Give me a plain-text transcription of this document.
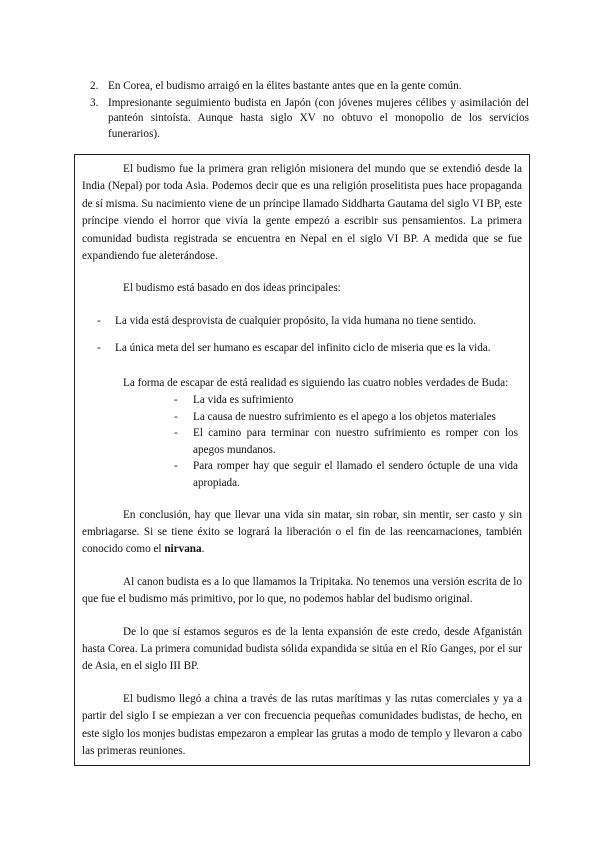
2. En Corea, el budismo arraigó en la élites bastante antes que en la gente común.
3. Impresionante seguimiento budista en Japón (con jóvenes mujeres célibes y asimilación del panteón sintoísta. Aunque hasta siglo XV no obtuvo el monopolio de los servicios funerarios).

El budismo fue la primera gran religión misionera del mundo que se extendió desde la India (Nepal) por toda Asia. Podemos decir que es una religión proselitista pues hace propaganda de sí misma. Su nacimiento viene de un príncipe llamado Siddharta Gautama del siglo VI BP, este príncipe viendo el horror que vivía la gente empezó a escribir sus pensamientos. La primera comunidad budista registrada se encuentra en Nepal en el siglo VI BP. A medida que se fue expandiendo fue aleterándose.

El budismo está basado en dos ideas principales:

-	La vida está desprovista de cualquier propósito, la vida humana no tiene sentido.
-	La única meta del ser humano es escapar del infinito ciclo de miseria que es la vida.

La forma de escapar de está realidad es siguiendo las cuatro nobles verdades de Buda:

-	La vida es sufrimiento
-	La causa de nuestro sufrimiento es el apego a los objetos materiales
-	El camino para terminar con nuestro sufrimiento es romper con los apegos mundanos.
-	Para romper hay que seguir el llamado el sendero óctuple de una vida apropiada.

En conclusión, hay que llevar una vida sin matar, sin robar, sin mentir, ser casto y sin embriagarse. Si se tiene éxito se logrará la liberación o el fin de las reencarnaciones, también conocido como el nirvana.

Al canon budista es a lo que llamamos la Tripitaka. No tenemos una versión escrita de lo que fue el budismo más primitivo, por lo que, no podemos hablar del budismo original.

De lo que sí estamos seguros es de la lenta expansión de este credo, desde Afganistán hasta Corea. La primera comunidad budista sólida expandida se sitúa en el Río Ganges, por el sur de Asia, en el siglo III BP.

El budismo llegó a china a través de las rutas marítimas y las rutas comerciales y ya a partir del siglo I se empiezan a ver con frecuencia pequeñas comunidades budistas, de hecho, en este siglo los monjes budistas empezaron a emplear las grutas a modo de templo y llevaron a cabo las primeras reuniones.
